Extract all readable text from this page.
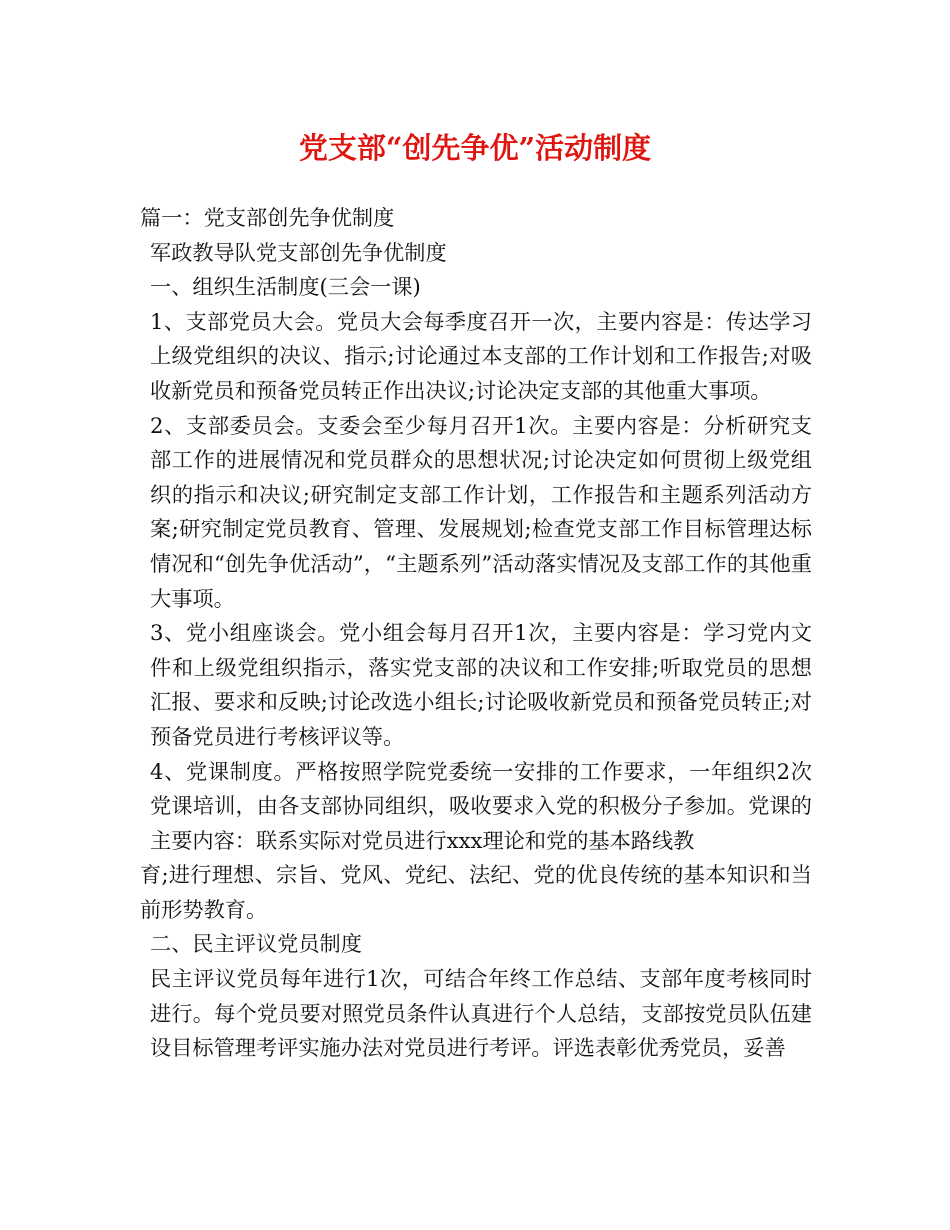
党支部“创先争优”活动制度

篇一：党支部创先争优制度

军政教导队党支部创先争优制度

一、组织生活制度(三会一课)

1、支部党员大会。党员大会每季度召开一次，主要内容是：传达学习上级党组织的决议、指示;讨论通过本支部的工作计划和工作报告;对吸收新党员和预备党员转正作出决议;讨论决定支部的其他重大事项。

2、支部委员会。支委会至少每月召开1次。主要内容是：分析研究支部工作的进展情况和党员群众的思想状况;讨论决定如何贯彻上级党组织的指示和决议;研究制定支部工作计划，工作报告和主题系列活动方案;研究制定党员教育、管理、发展规划;检查党支部工作目标管理达标情况和“创先争优活动”，“主题系列”活动落实情况及支部工作的其他重大事项。

3、党小组座谈会。党小组会每月召开1次，主要内容是：学习党内文件和上级党组织指示，落实党支部的决议和工作安排;听取党员的思想汇报、要求和反映;讨论改选小组长;讨论吸收新党员和预备党员转正;对预备党员进行考核评议等。

4、党课制度。严格按照学院党委统一安排的工作要求，一年组织2次党课培训，由各支部协同组织，吸收要求入党的积极分子参加。党课的主要内容：联系实际对党员进行xxx理论和党的基本路线教

育;进行理想、宗旨、党风、党纪、法纪、党的优良传统的基本知识和当前形势教育。

二、民主评议党员制度

民主评议党员每年进行1次，可结合年终工作总结、支部年度考核同时进行。每个党员要对照党员条件认真进行个人总结，支部按党员队伍建设目标管理考评实施办法对党员进行考评。评选表彰优秀党员，妥善
